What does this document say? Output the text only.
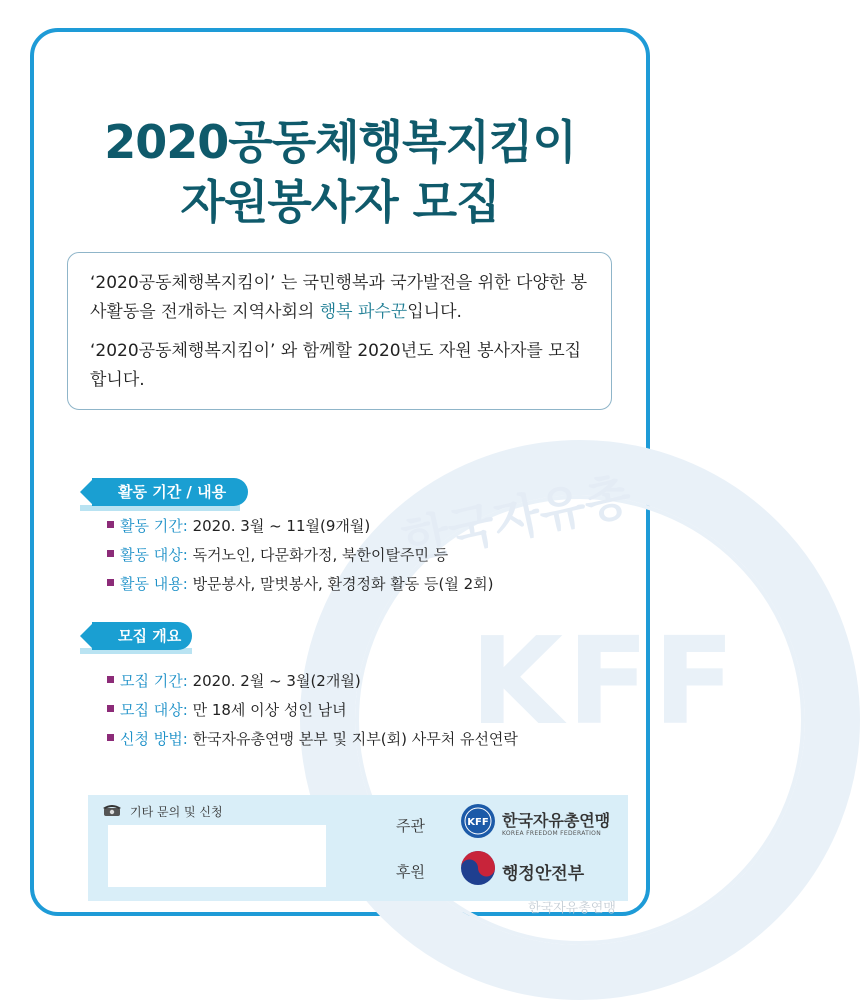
KFF
한국자유총
2020공동체행복지킴이
자원봉사자 모집

‘2020공동체행복지킴이’ 는 국민행복과 국가발전을 위한 다양한 봉사활동을 전개하는 지역사회의 행복 파수꾼입니다.

‘2020공동체행복지킴이’ 와 함께할 2020년도 자원 봉사자를 모집합니다.

활동 기간 / 내용
활동 기간: 2020. 3월 ~ 11월(9개월)
활동 대상: 독거노인, 다문화가정, 북한이탈주민 등
활동 내용: 방문봉사, 말벗봉사, 환경정화 활동 등(월 2회)
모집 개요
모집 기간: 2020. 2월 ~ 3월(2개월)
모집 대상: 만 18세 이상 성인 남녀
신청 방법: 한국자유총연맹 본부 및 지부(회) 사무처 유선연락
기타 문의 및 신청
주관	KFF 한국자유총연맹
KOREA FREEDOM FEDERATION
후원	행정안전부
한국자유총연맹
